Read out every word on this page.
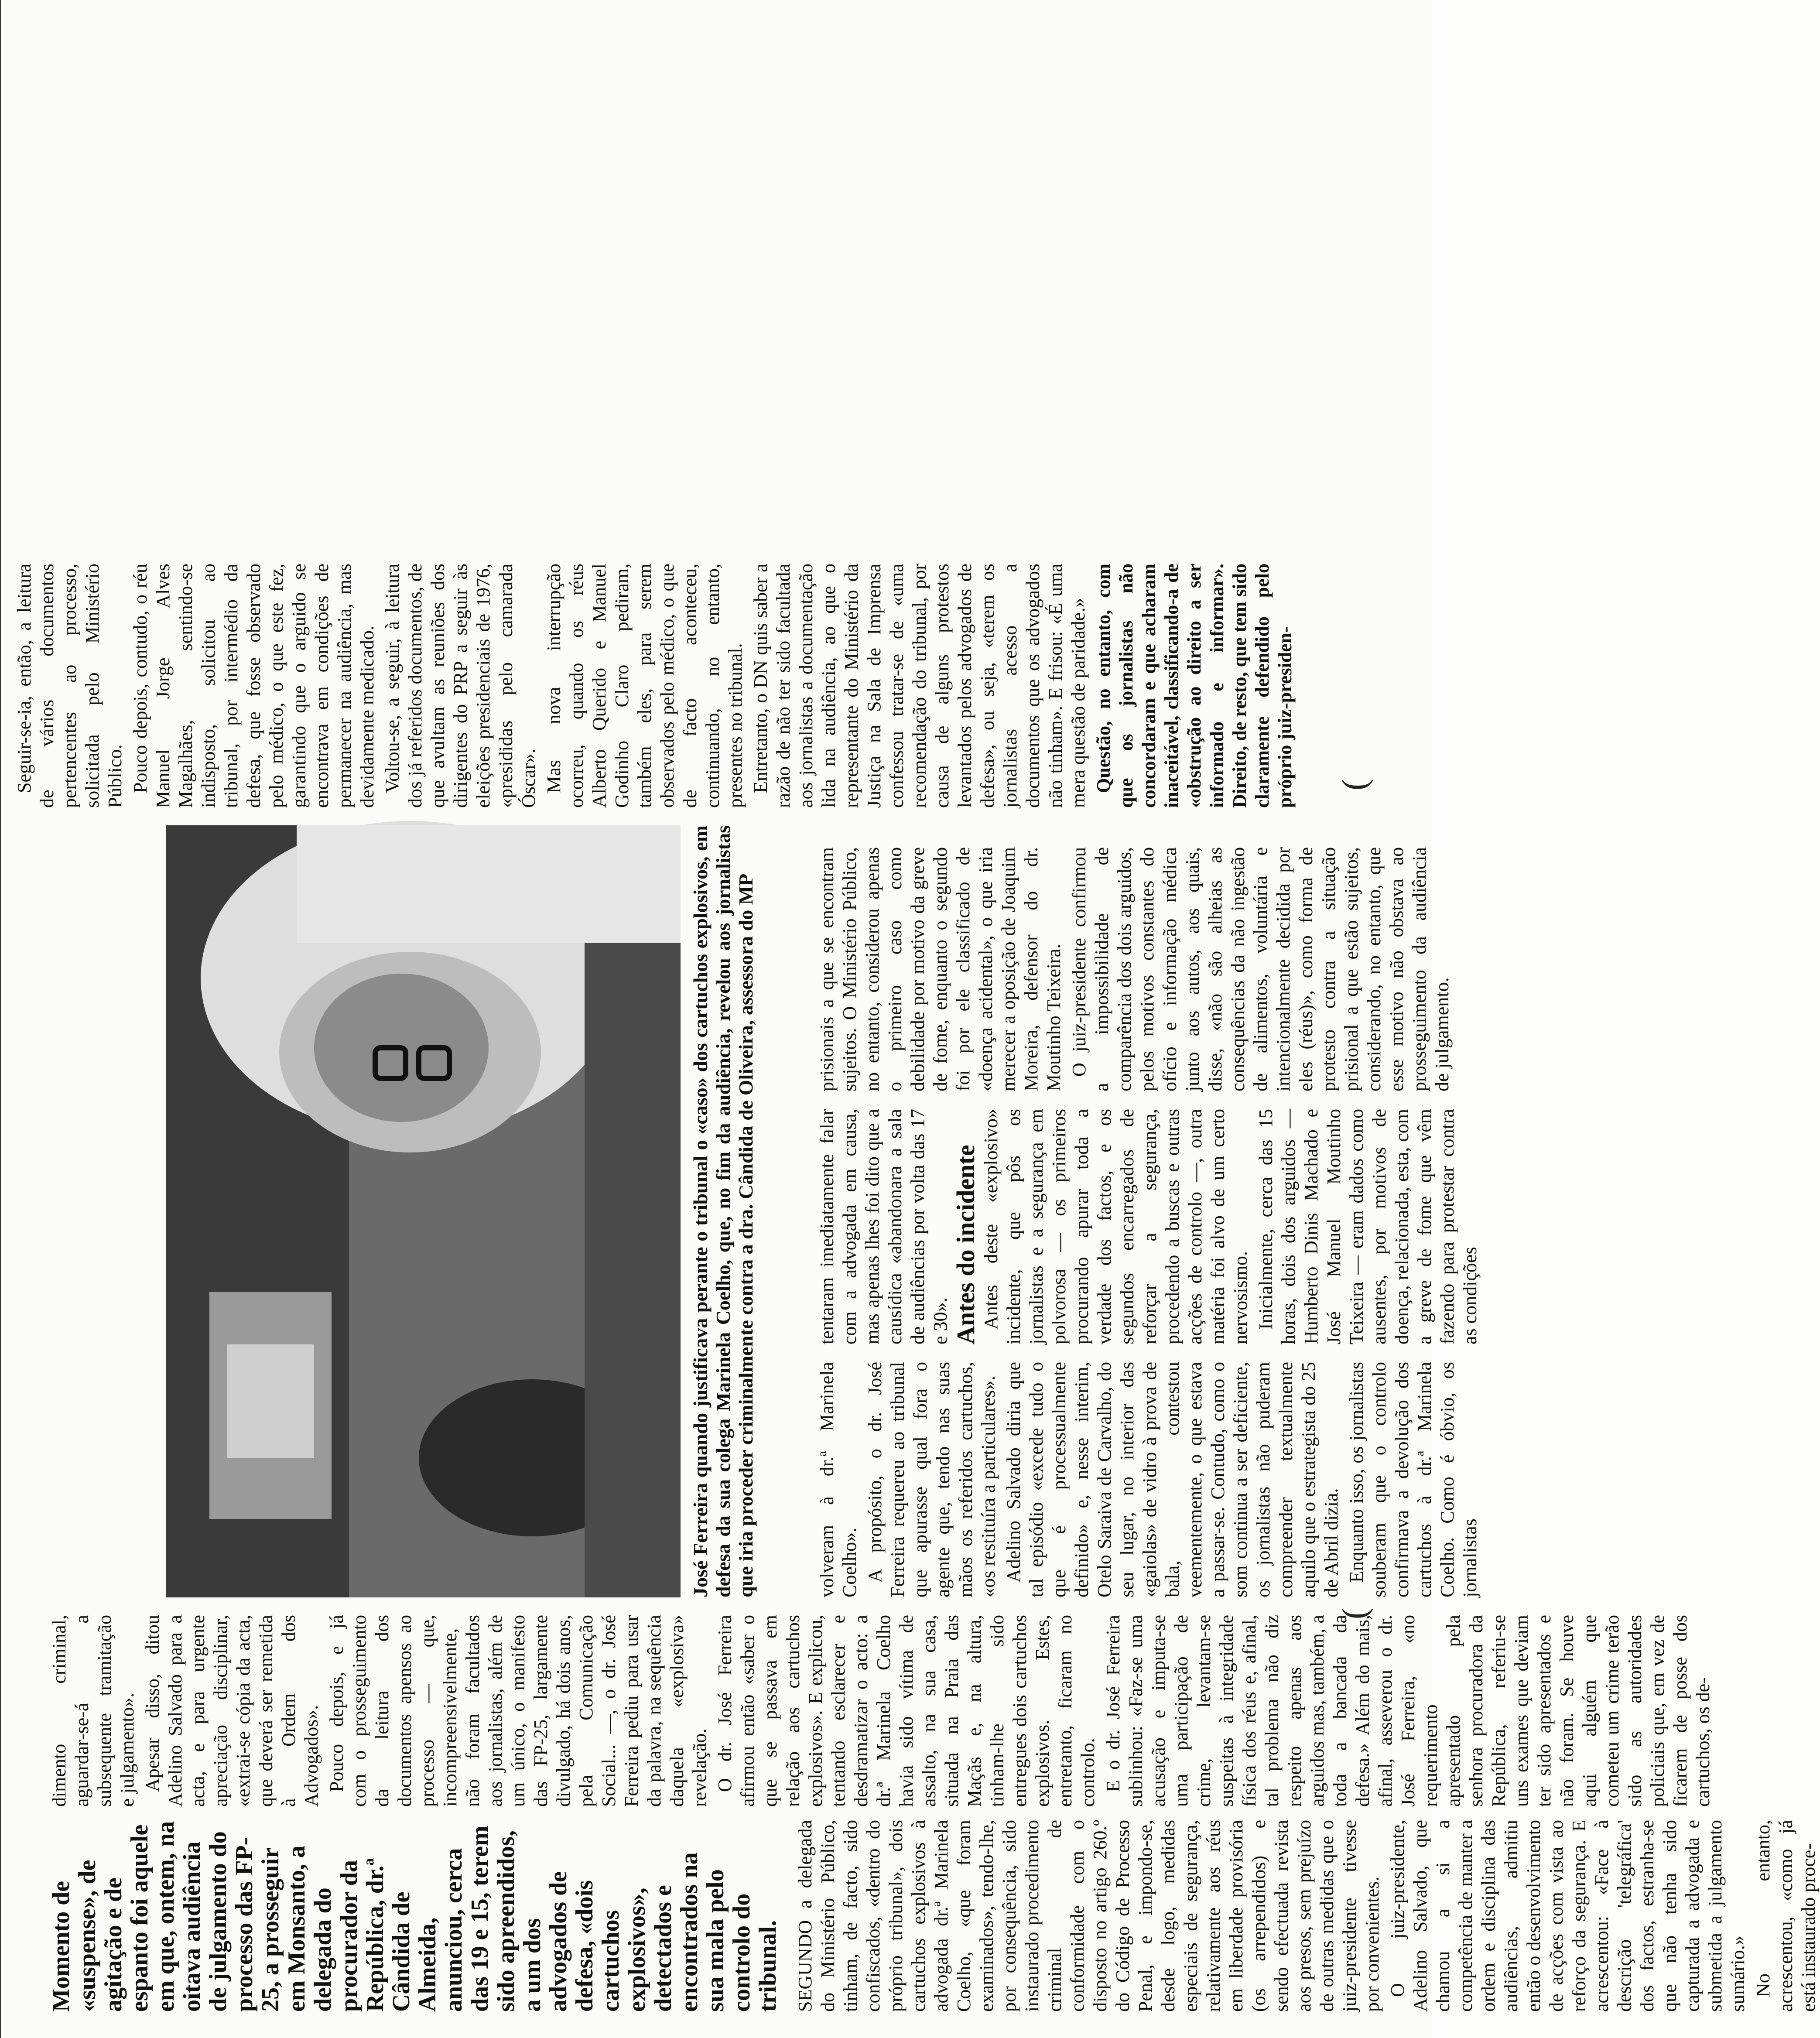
Momento de «suspense», de agitação e de espanto foi aquele em que, ontem, na oitava audiência de julgamento do processo das FP-25, a prosseguir em Monsanto, a delegada do procurador da República, dr.ª Cândida de Almeida, anunciou, cerca das 19 e 15, terem sido apreendidos, a um dos advogados de defesa, «dois cartuchos explosivos», detectados e encontrados na sua mala pelo controlo do tribunal. SEGUNDO a delegada do Ministério Público, tinham, de facto, sido confiscados, «dentro do próprio tribunal», dois cartuchos explosivos à advogada dr.ª Marinela Coelho, «que foram examinados», tendo-lhe, por consequência, sido instaurado procedimento criminal de conformidade com o disposto no artigo 260.º do Código de Processo Penal, e impondo-se, desde logo, medidas especiais de segurança, relativamente aos réus em liberdade provisória (os arrependidos) e sendo efectuada revista aos presos, sem prejuízo de outras medidas que o juiz-presidente tivesse por convenientes. O juiz-presidente, Adelino Salvado, que chamou a si a competência de manter a ordem e disciplina das audiências, admitiu então o desenvolvimento de acções com vista ao reforço da segurança. E acrescentou: «Face à descrição 'telegráfica' dos factos, estranha-se que não tenha sido capturada a advogada e submetida a julgamento sumário.» No entanto, acrescentou, «como já está instaurado proce-

dimento criminal, aguardar-se-á a subsequente tramitação e julgamento». Apesar disso, ditou Adelino Salvado para a acta, e para urgente apreciação disciplinar, «extrai-se cópia da acta, que deverá ser remetida à Ordem dos Advogados». Pouco depois, e já com o prosseguimento da leitura dos documentos apensos ao processo — que, incompreensivelmente, não foram facultados aos jornalistas, além de um único, o manifesto das FP-25, largamente divulgado, há dois anos, pela Comunicação Social... —, o dr. José Ferreira pediu para usar da palavra, na sequência daquela «explosiva» revelação. O dr. José Ferreira afirmou então «saber o que se passava em relação aos cartuchos explosivos». E explicou, tentando esclarecer e desdramatizar o acto: a dr.ª Marinela Coelho havia sido vítima de assalto, na sua casa, situada na Praia das Maçãs e, na altura, tinham-lhe sido entregues dois cartuchos explosivos. Estes, entretanto, ficaram no controlo. E o dr. José Ferreira sublinhou: «Faz-se uma acusação e imputa-se uma participação de crime, levantam-se suspeitas à integridade física dos réus e, afinal, tal problema não diz respeito apenas aos arguidos mas, também, a toda a bancada da defesa.» Além do mais, afinal, asseverou o dr. José Ferreira, «no requerimento apresentado pela senhora procuradora da República, referiu-se uns exames que deviam ter sido apresentados e não foram. Se houve aqui alguém que cometeu um crime terão sido as autoridades policiais que, em vez de ficarem de posse dos cartuchos, os de-

José Ferreira quando justificava perante o tribunal o «caso» dos cartuchos explosivos, em defesa da sua colega Marinela Coelho, que, no fim da audiência, revelou aos jornalistas que iria proceder criminalmente contra a dra. Cândida de Oliveira, assessora do MP	volveram à dr.ª Marinela Coelho». A propósito, o dr. José Ferreira requereu ao tribunal que apurasse qual fora o agente que, tendo nas suas mãos os referidos cartuchos, «os restituíra a particulares». Adelino Salvado diria que tal episódio «excede tudo o que é processualmente definido» e, nesse interim, Otelo Saraiva de Carvalho, do seu lugar, no interior das «gaiolas» de vidro à prova de bala, contestou veementemente, o que estava a passar-se. Contudo, como o som continua a ser deficiente, os jornalistas não puderam compreender textualmente aquilo que o estrategista do 25 de Abril dizia. Enquanto isso, os jornalistas souberam que o controlo confirmava a devolução dos cartuchos à dr.ª Marinela Coelho. Como é óbvio, os jornalistas

tentaram imediatamente falar com a advogada em causa, mas apenas lhes foi dito que a causídica «abandonara a sala de audiências por volta das 17 e 30». Antes do incidente Antes deste «explosivo» incidente, que pôs os jornalistas e a segurança em polvorosa — os primeiros procurando apurar toda a verdade dos factos, e os segundos encarregados de reforçar a segurança, procedendo a buscas e outras acções de controlo —, outra matéria foi alvo de um certo nervosismo. Inicialmente, cerca das 15 horas, dois dos arguidos — Humberto Dinis Machado e José Manuel Moutinho Teixeira — eram dados como ausentes, por motivos de doença, relacionada, esta, com a greve de fome que vêm fazendo para protestar contra as condições

prisionais a que se encontram sujeitos. O Ministério Público, no entanto, considerou apenas o primeiro caso como debilidade por motivo da greve de fome, enquanto o segundo foi por ele classificado de «doença acidental», o que iria merecer a oposição de Joaquim Moreira, defensor do dr. Moutinho Teixeira. O juiz-presidente confirmou a impossibilidade de comparência dos dois arguidos, pelos motivos constantes do ofício e informação médica junto aos autos, aos quais, disse, «não são alheias as consequências da não ingestão de alimentos, voluntária e intencionalmente decidida por eles (réus)», como forma de protesto contra a situação prisional a que estão sujeitos, considerando, no entanto, que esse motivo não obstava ao prosseguimento da audiência de julgamento.

Seguir-se-ia, então, a leitura de vários documentos pertencentes ao processo, solicitada pelo Ministério Público. Pouco depois, contudo, o réu Manuel Jorge Alves Magalhães, sentindo-se indisposto, solicitou ao tribunal, por intermédio da defesa, que fosse observado pelo médico, o que este fez, garantindo que o arguido se encontrava em condições de permanecer na audiência, mas devidamente medicado. Voltou-se, a seguir, à leitura dos já referidos documentos, de que avultam as reuniões dos dirigentes do PRP a seguir às eleições presidenciais de 1976, «presididas pelo camarada Óscar». Mas nova interrupção ocorreu, quando os réus Alberto Querido e Manuel Godinho Claro pediram, também eles, para serem observados pelo médico, o que de facto aconteceu, continuando, no entanto, presentes no tribunal. Entretanto, o DN quis saber a razão de não ter sido facultada aos jornalistas a documentação lida na audiência, ao que o representante do Ministério da Justiça na Sala de Imprensa confessou tratar-se de «uma recomendação do tribunal, por causa de alguns protestos levantados pelos advogados de defesa», ou seja, «terem os jornalistas acesso a documentos que os advogados não tinham». E frisou: «É uma mera questão de paridade.» Questão, no entanto, com que os jornalistas não concordaram e que acharam inaceitável, classificando-a de «obstrução ao direito a ser informado e informar». Direito, de resto, que tem sido claramente defendido pelo próprio juiz-presiden-

(
(
